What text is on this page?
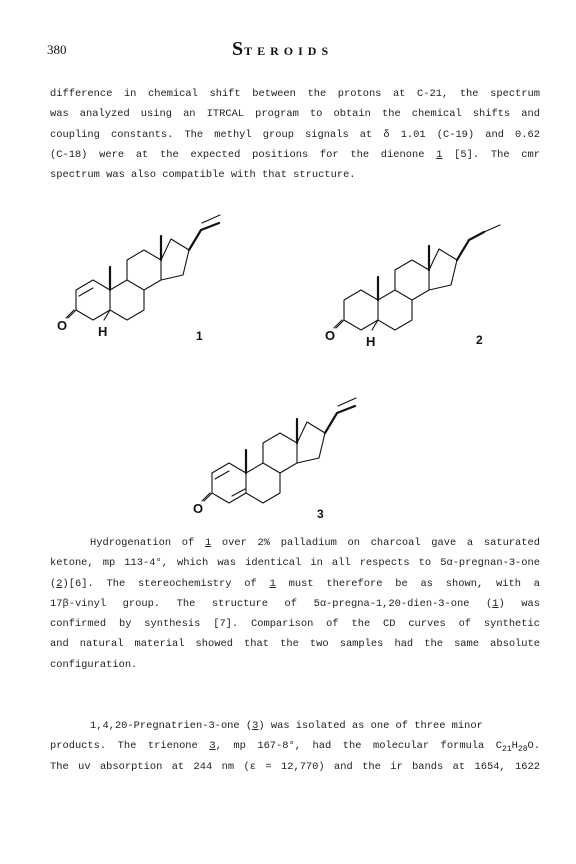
380	STEROIDS
difference in chemical shift between the protons at C-21, the spectrum
was analyzed using an ITRCAL program to obtain the chemical shifts and
coupling constants. The methyl group signals at δ 1.01 (C-19) and 0.62
(C-18) were at the expected positions for the dienone 1 [5]. The cmr
spectrum was also compatible with that structure.
O H	1	O H	2
O	3
Hydrogenation of 1 over 2% palladium on charcoal gave a saturated
ketone, mp 113-4°, which was identical in all respects to 5α-pregnan-3-one
(2)[6]. The stereochemistry of 1 must therefore be as shown, with a
17β-vinyl group. The structure of 5α-pregna-1,20-dien-3-one (1) was
confirmed by synthesis [7]. Comparison of the CD curves of synthetic
and natural material showed that the two samples had the same absolute
configuration.
1,4,20-Pregnatrien-3-one (3) was isolated as one of three minor
products. The trienone 3, mp 167-8°, had the molecular formula $C_{21}H_{28}O$.
The uv absorption at 244 nm (ε = 12,770) and the ir bands at 1654, 1622
